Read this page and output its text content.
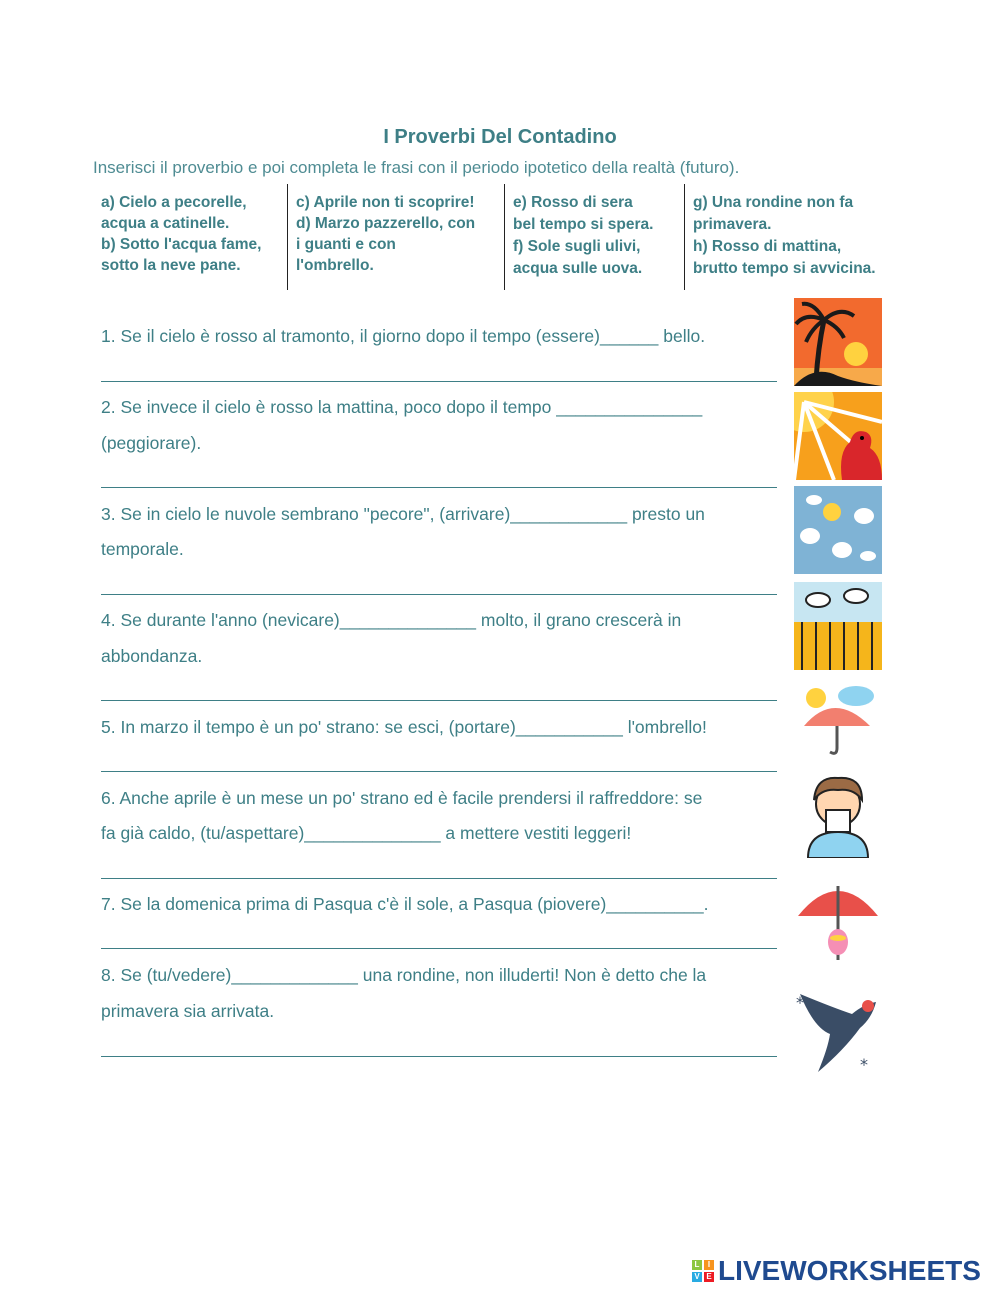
I Proverbi Del Contadino
Inserisci il proverbio e poi completa le frasi con il periodo ipotetico della realtà (futuro).
a) Cielo a pecorelle,
acqua a catinelle.
b) Sotto l'acqua fame,
sotto la neve pane.
c) Aprile non ti scoprire!
d) Marzo pazzerello, con
i guanti e con
l'ombrello.
e) Rosso di sera
bel tempo si spera.
f) Sole sugli ulivi,
acqua sulle uova.
g) Una rondine non fa
primavera.
h) Rosso di mattina,
brutto tempo si avvicina.
1. Se il cielo è rosso al tramonto, il giorno dopo il tempo (essere)______ bello.
2. Se invece il cielo è rosso la mattina, poco dopo il tempo _______________
(peggiorare).
3. Se in cielo le nuvole sembrano "pecore", (arrivare)____________ presto un
temporale.
4. Se durante l'anno (nevicare)______________ molto, il grano crescerà in
abbondanza.
5. In marzo il tempo è un po' strano: se esci, (portare)___________ l'ombrello!
6. Anche aprile è un mese un po' strano ed è facile prendersi il raffreddore: se
fa già caldo, (tu/aspettare)______________ a mettere vestiti leggeri!
7. Se la domenica prima di Pasqua c'è il sole, a Pasqua (piovere)__________.
8. Se (tu/vedere)_____________ una rondine, non illuderti! Non è detto che la
primavera sia arrivata.	*
*
L	I
V E LIVEWORKSHEETS
